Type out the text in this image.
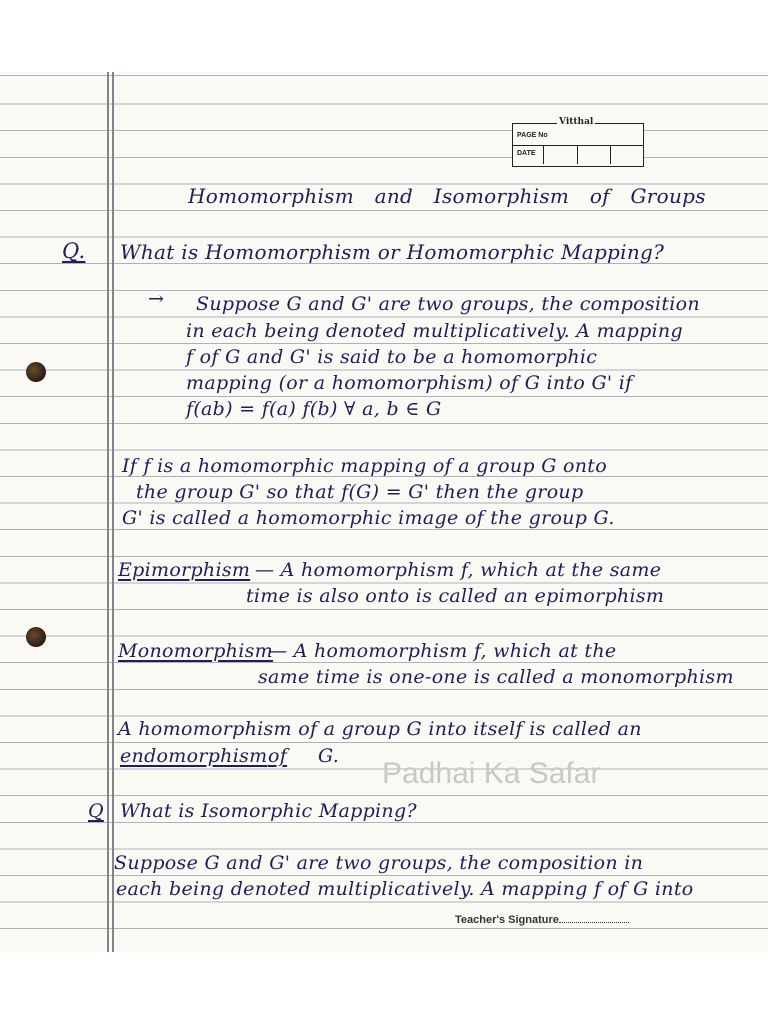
Vitthal
PAGE No
DATE
Homomorphism and Isomorphism of Groups
Q. What is Homomorphism or Homomorphic Mapping?
→ Suppose G and G' are two groups, the composition
in each being denoted multiplicatively. A mapping
f of G and G' is said to be a homomorphic
mapping (or a homomorphism) of G into G' if
f(ab) = f(a) f(b) ∀ a, b ∈ G
If f is a homomorphic mapping of a group G onto
the group G' so that f(G) = G' then the group
G' is called a homomorphic image of the group G.
Epimorphism — A homomorphism f, which at the same
time is also onto is called an epimorphism
Monomorphism
— A homomorphism f, which at the
same time is one-one is called a monomorphism
A homomorphism of a group G into itself is called an
endomorphism of G.
Padhai Ka Safar
Q What is Isomorphic Mapping?
Suppose G and G' are two groups, the composition in
each being denoted multiplicatively. A mapping f of G into
Teacher's Signature
